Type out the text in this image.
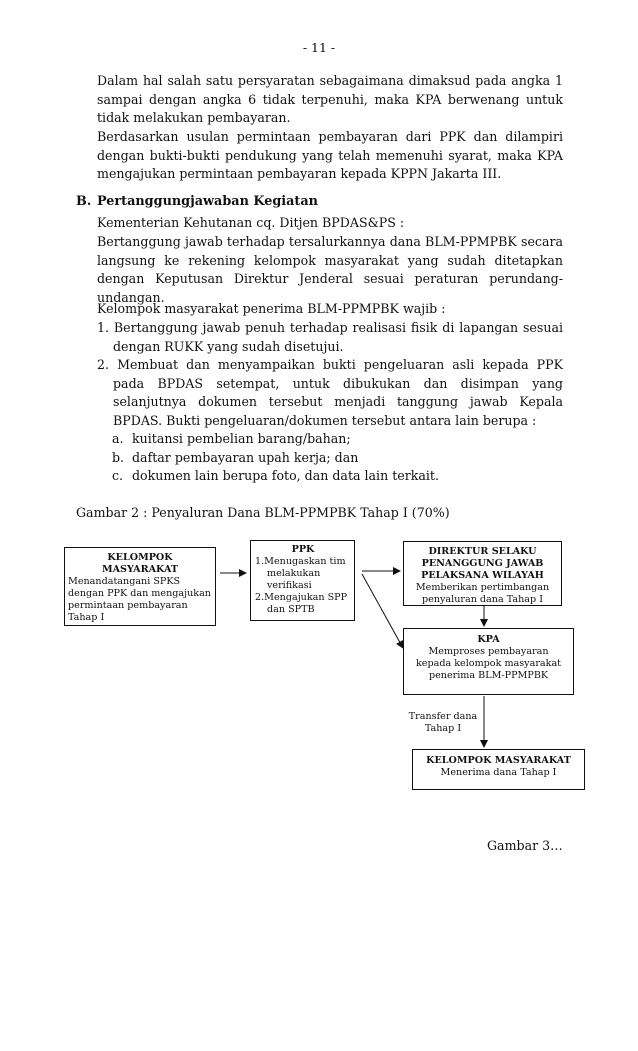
- 11 -

Dalam hal salah satu persyaratan sebagaimana dimaksud pada angka 1 sampai dengan angka 6 tidak terpenuhi, maka KPA berwenang untuk tidak melakukan pembayaran.

Berdasarkan usulan permintaan pembayaran dari PPK dan dilampiri dengan bukti-bukti pendukung yang telah memenuhi syarat, maka KPA mengajukan permintaan pembayaran kepada KPPN Jakarta III.

B. Pertanggungjawaban Kegiatan

Kementerian Kehutanan cq. Ditjen BPDAS&PS :

Bertanggung jawab terhadap tersalurkannya dana BLM-PPMPBK secara langsung ke rekening kelompok masyarakat yang sudah ditetapkan dengan Keputusan Direktur Jenderal sesuai peraturan perundang-undangan.

Kelompok masyarakat penerima BLM-PPMPBK wajib :

1. Bertanggung jawab penuh terhadap realisasi fisik di lapangan sesuai dengan RUKK yang sudah disetujui.

2. Membuat dan menyampaikan bukti pengeluaran asli kepada PPK pada BPDAS setempat, untuk dibukukan dan disimpan yang selanjutnya dokumen tersebut menjadi tanggung jawab Kepala BPDAS. Bukti pengeluaran/dokumen tersebut antara lain berupa :

a. kuitansi pembelian barang/bahan;
b. daftar pembayaran upah kerja; dan
c. dokumen lain berupa foto, dan data lain terkait.
Gambar 2 : Penyaluran Dana BLM-PPMPBK Tahap I (70%)
KELOMPOK
MASYARAKAT
Menandatangani SPKS dengan PPK dan mengajukan permintaan pembayaran Tahap I
PPK
1.Menugaskan tim melakukan verifikasi
2.Mengajukan SPP dan SPTB
DIREKTUR SELAKU
PENANGGUNG JAWAB
PELAKSANA WILAYAH
Memberikan pertimbangan penyaluran dana Tahap I
KPA
Memproses pembayaran
kepada kelompok masyarakat
penerima BLM-PPMPBK
Transfer dana
Tahap I
KELOMPOK MASYARAKAT
Menerima dana Tahap I
Gambar 3…
